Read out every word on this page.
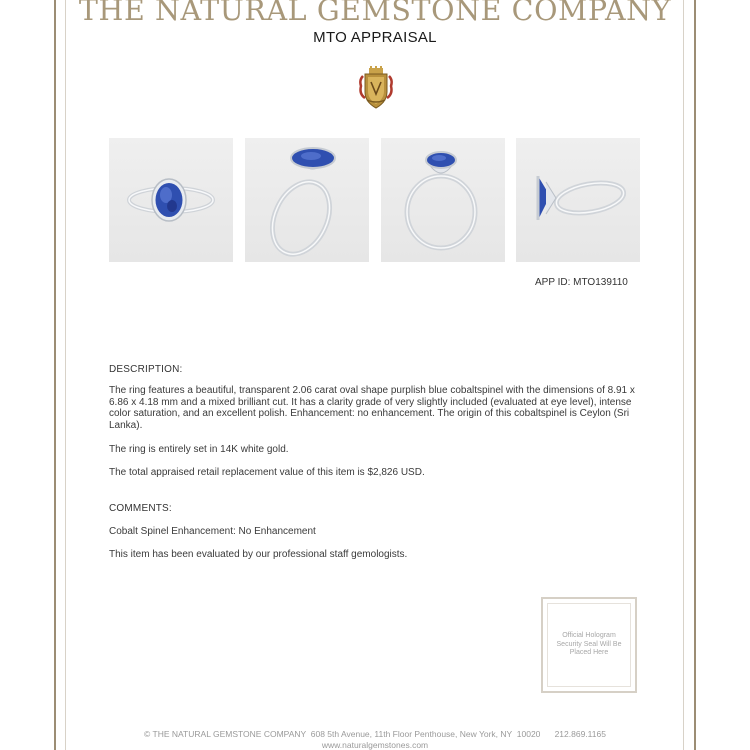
THE NATURAL GEMSTONE COMPANY
MTO APPRAISAL
APP ID: MTO139110
DESCRIPTION:
The ring features a beautiful, transparent 2.06 carat oval shape purplish blue cobaltspinel with the dimensions of 8.91 x 6.86 x 4.18 mm and a mixed brilliant cut. It has a clarity grade of very slightly included (evaluated at eye level), intense color saturation, and an excellent polish. Enhancement: no enhancement. The origin of this cobaltspinel is Ceylon (Sri Lanka).
The ring is entirely set in 14K white gold.
The total appraised retail replacement value of this item is $2,826 USD.
COMMENTS:
Cobalt Spinel Enhancement: No Enhancement
This item has been evaluated by our professional staff gemologists.
Official Hologram Security Seal Will Be Placed Here
© THE NATURAL GEMSTONE COMPANY  608 5th Avenue, 11th Floor Penthouse, New York, NY  10020      212.869.1165
www.naturalgemstones.com
